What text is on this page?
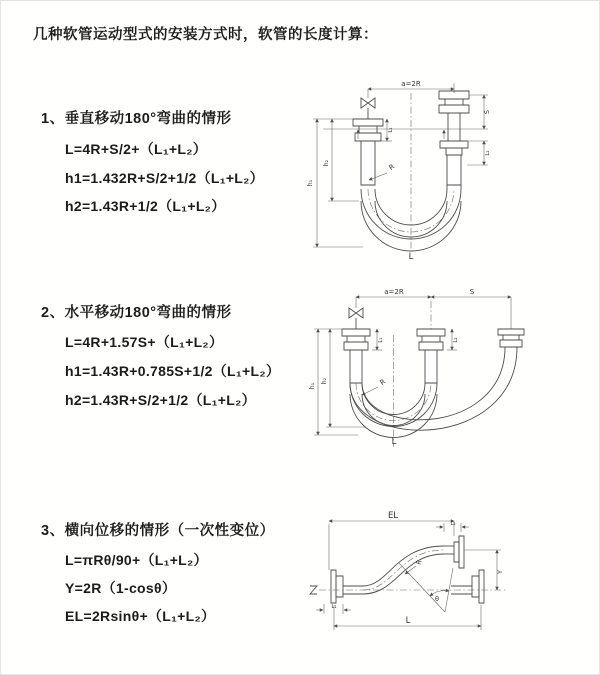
几种软管运动型式的安装方式时，软管的长度计算：
1、垂直移动180°弯曲的情形
L=4R+S/2+（L₁+L₂）
h1=1.432R+S/2+1/2（L₁+L₂）
h2=1.43R+1/2（L₁+L₂）
2、水平移动180°弯曲的情形
L=4R+1.57S+（L₁+L₂）
h1=1.43R+0.785S+1/2（L₁+L₂）
h2=1.43R+S/2+1/2（L₁+L₂）
3、横向位移的情形（一次性变位）
L=πRθ/90+（L₁+L₂）
Y=2R（1-cosθ）
EL=2Rsinθ+（L₁+L₂）
a=2R
h₁
h₂
L₁
S
L₂
R
L
a=2R	S
h₁
h₂
L₁	L₂
R
L
EL
L₂
θ
R
Y
L₁
L
